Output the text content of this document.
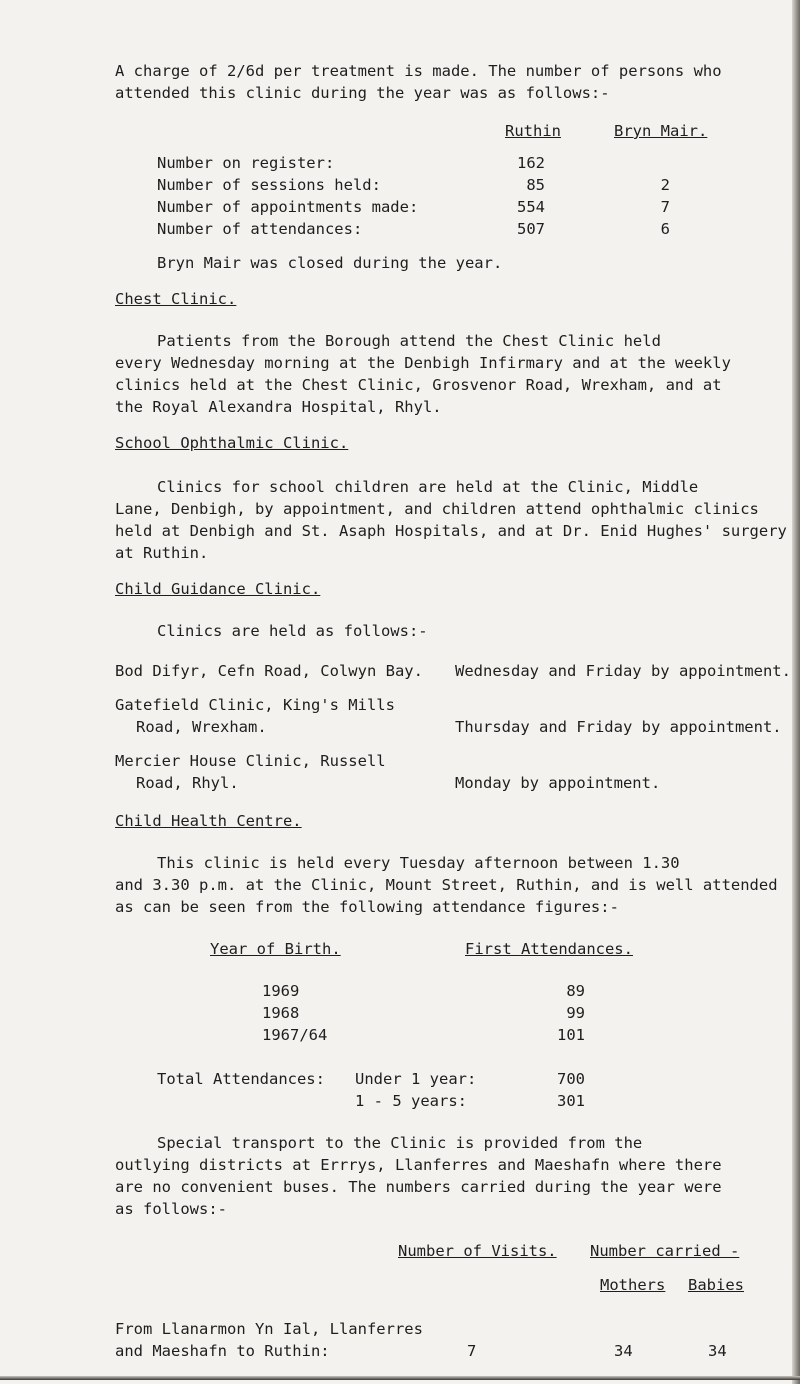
A charge of 2/6d per treatment is made. The number of persons who
attended this clinic during the year was as follows:-
Ruthin	Bryn Mair.
Number on register:	162
Number of sessions held:	85	2
Number of appointments made:	554	7
Number of attendances:	507	6
Bryn Mair was closed during the year.
Chest Clinic.
Patients from the Borough attend the Chest Clinic held
every Wednesday morning at the Denbigh Infirmary and at the weekly
clinics held at the Chest Clinic, Grosvenor Road, Wrexham, and at
the Royal Alexandra Hospital, Rhyl.
School Ophthalmic Clinic.
Clinics for school children are held at the Clinic, Middle
Lane, Denbigh, by appointment, and children attend ophthalmic clinics
held at Denbigh and St. Asaph Hospitals, and at Dr. Enid Hughes' surgery
at Ruthin.
Child Guidance Clinic.
Clinics are held as follows:-
Bod Difyr, Cefn Road, Colwyn Bay. Wednesday and Friday by appointment.
Gatefield Clinic, King's Mills
Road, Wrexham.	Thursday and Friday by appointment.
Mercier House Clinic, Russell
Road, Rhyl.	Monday by appointment.
Child Health Centre.
This clinic is held every Tuesday afternoon between 1.30
and 3.30 p.m. at the Clinic, Mount Street, Ruthin, and is well attended
as can be seen from the following attendance figures:-
Year of Birth.	First Attendances.
1969	89
1968	99
1967/64	101
Total Attendances: Under 1 year:	700
1 - 5 years:	301
Special transport to the Clinic is provided from the
outlying districts at Errrys, Llanferres and Maeshafn where there
are no convenient buses. The numbers carried during the year were
as follows:-
Number of Visits. Number carried -
Mothers Babies
From Llanarmon Yn Ial, Llanferres
and Maeshafn to Ruthin:	7	34	34
